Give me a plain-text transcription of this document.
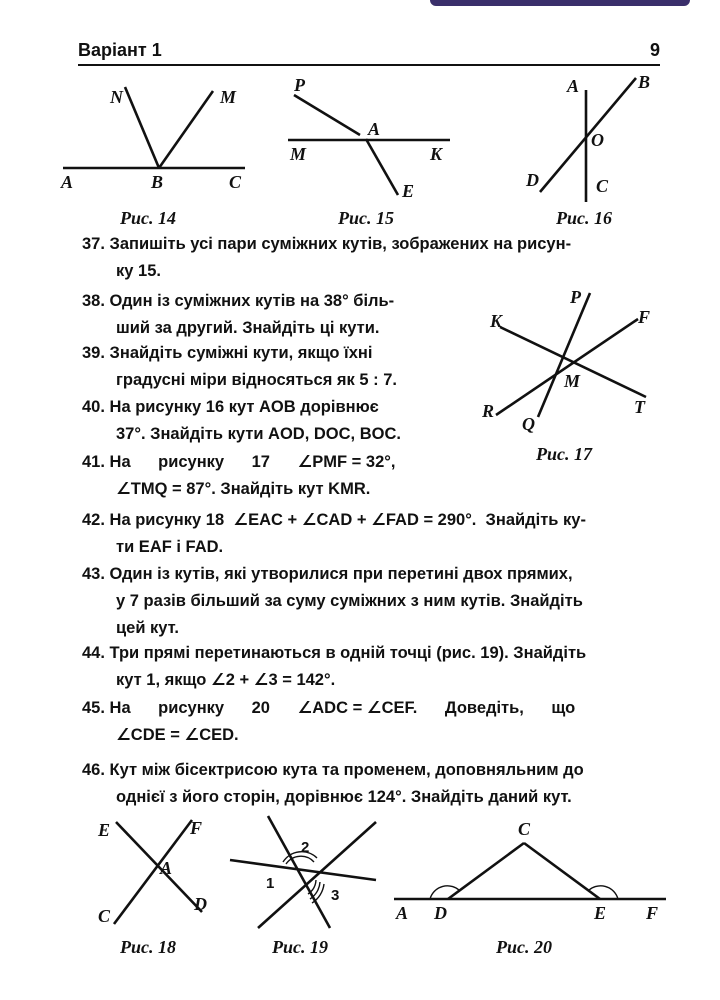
Варіант 1	9
N	M
A	B	C
Рис. 14
P
A
M	K
E
Рис. 15
A	B
O
D	C
Рис. 16
37. Запишіть усі пари суміжних кутів, зображених на рисун-
ку 15.
38. Один із суміжних кутів на 38° біль-
ший за другий. Знайдіть ці кути.
39. Знайдіть суміжні кути, якщо їхні
градусні міри відносяться як 5 : 7.
40. На рисунку 16 кут AOB дорівнює
37°. Знайдіть кути AOD, DOC, BOC.
41. На      рисунку      17      ∠PMF = 32°,
∠TMQ = 87°. Знайдіть кут KMR.
P
F
K
M
R	T
Q
Рис. 17
42. На рисунку 18  ∠EAC + ∠CAD + ∠FAD = 290°.  Знайдіть ку-
ти EAF і FAD.
43. Один із кутів, які утворилися при перетині двох прямих,
у 7 разів більший за суму суміжних з ним кутів. Знайдіть
цей кут.
44. Три прямі перетинаються в одній точці (рис. 19). Знайдіть
кут 1, якщо ∠2 + ∠3 = 142°.
45. На      рисунку      20      ∠ADC = ∠CEF.      Доведіть,      що
∠CDE = ∠CED.
46. Кут між бісектрисою кута та променем, доповняльним до
однієї з його сторін, дорівнює 124°. Знайдіть даний кут.
E	F
A
C
D
Рис. 18
2
1
3
Рис. 19
C
A D	E F
Рис. 20
